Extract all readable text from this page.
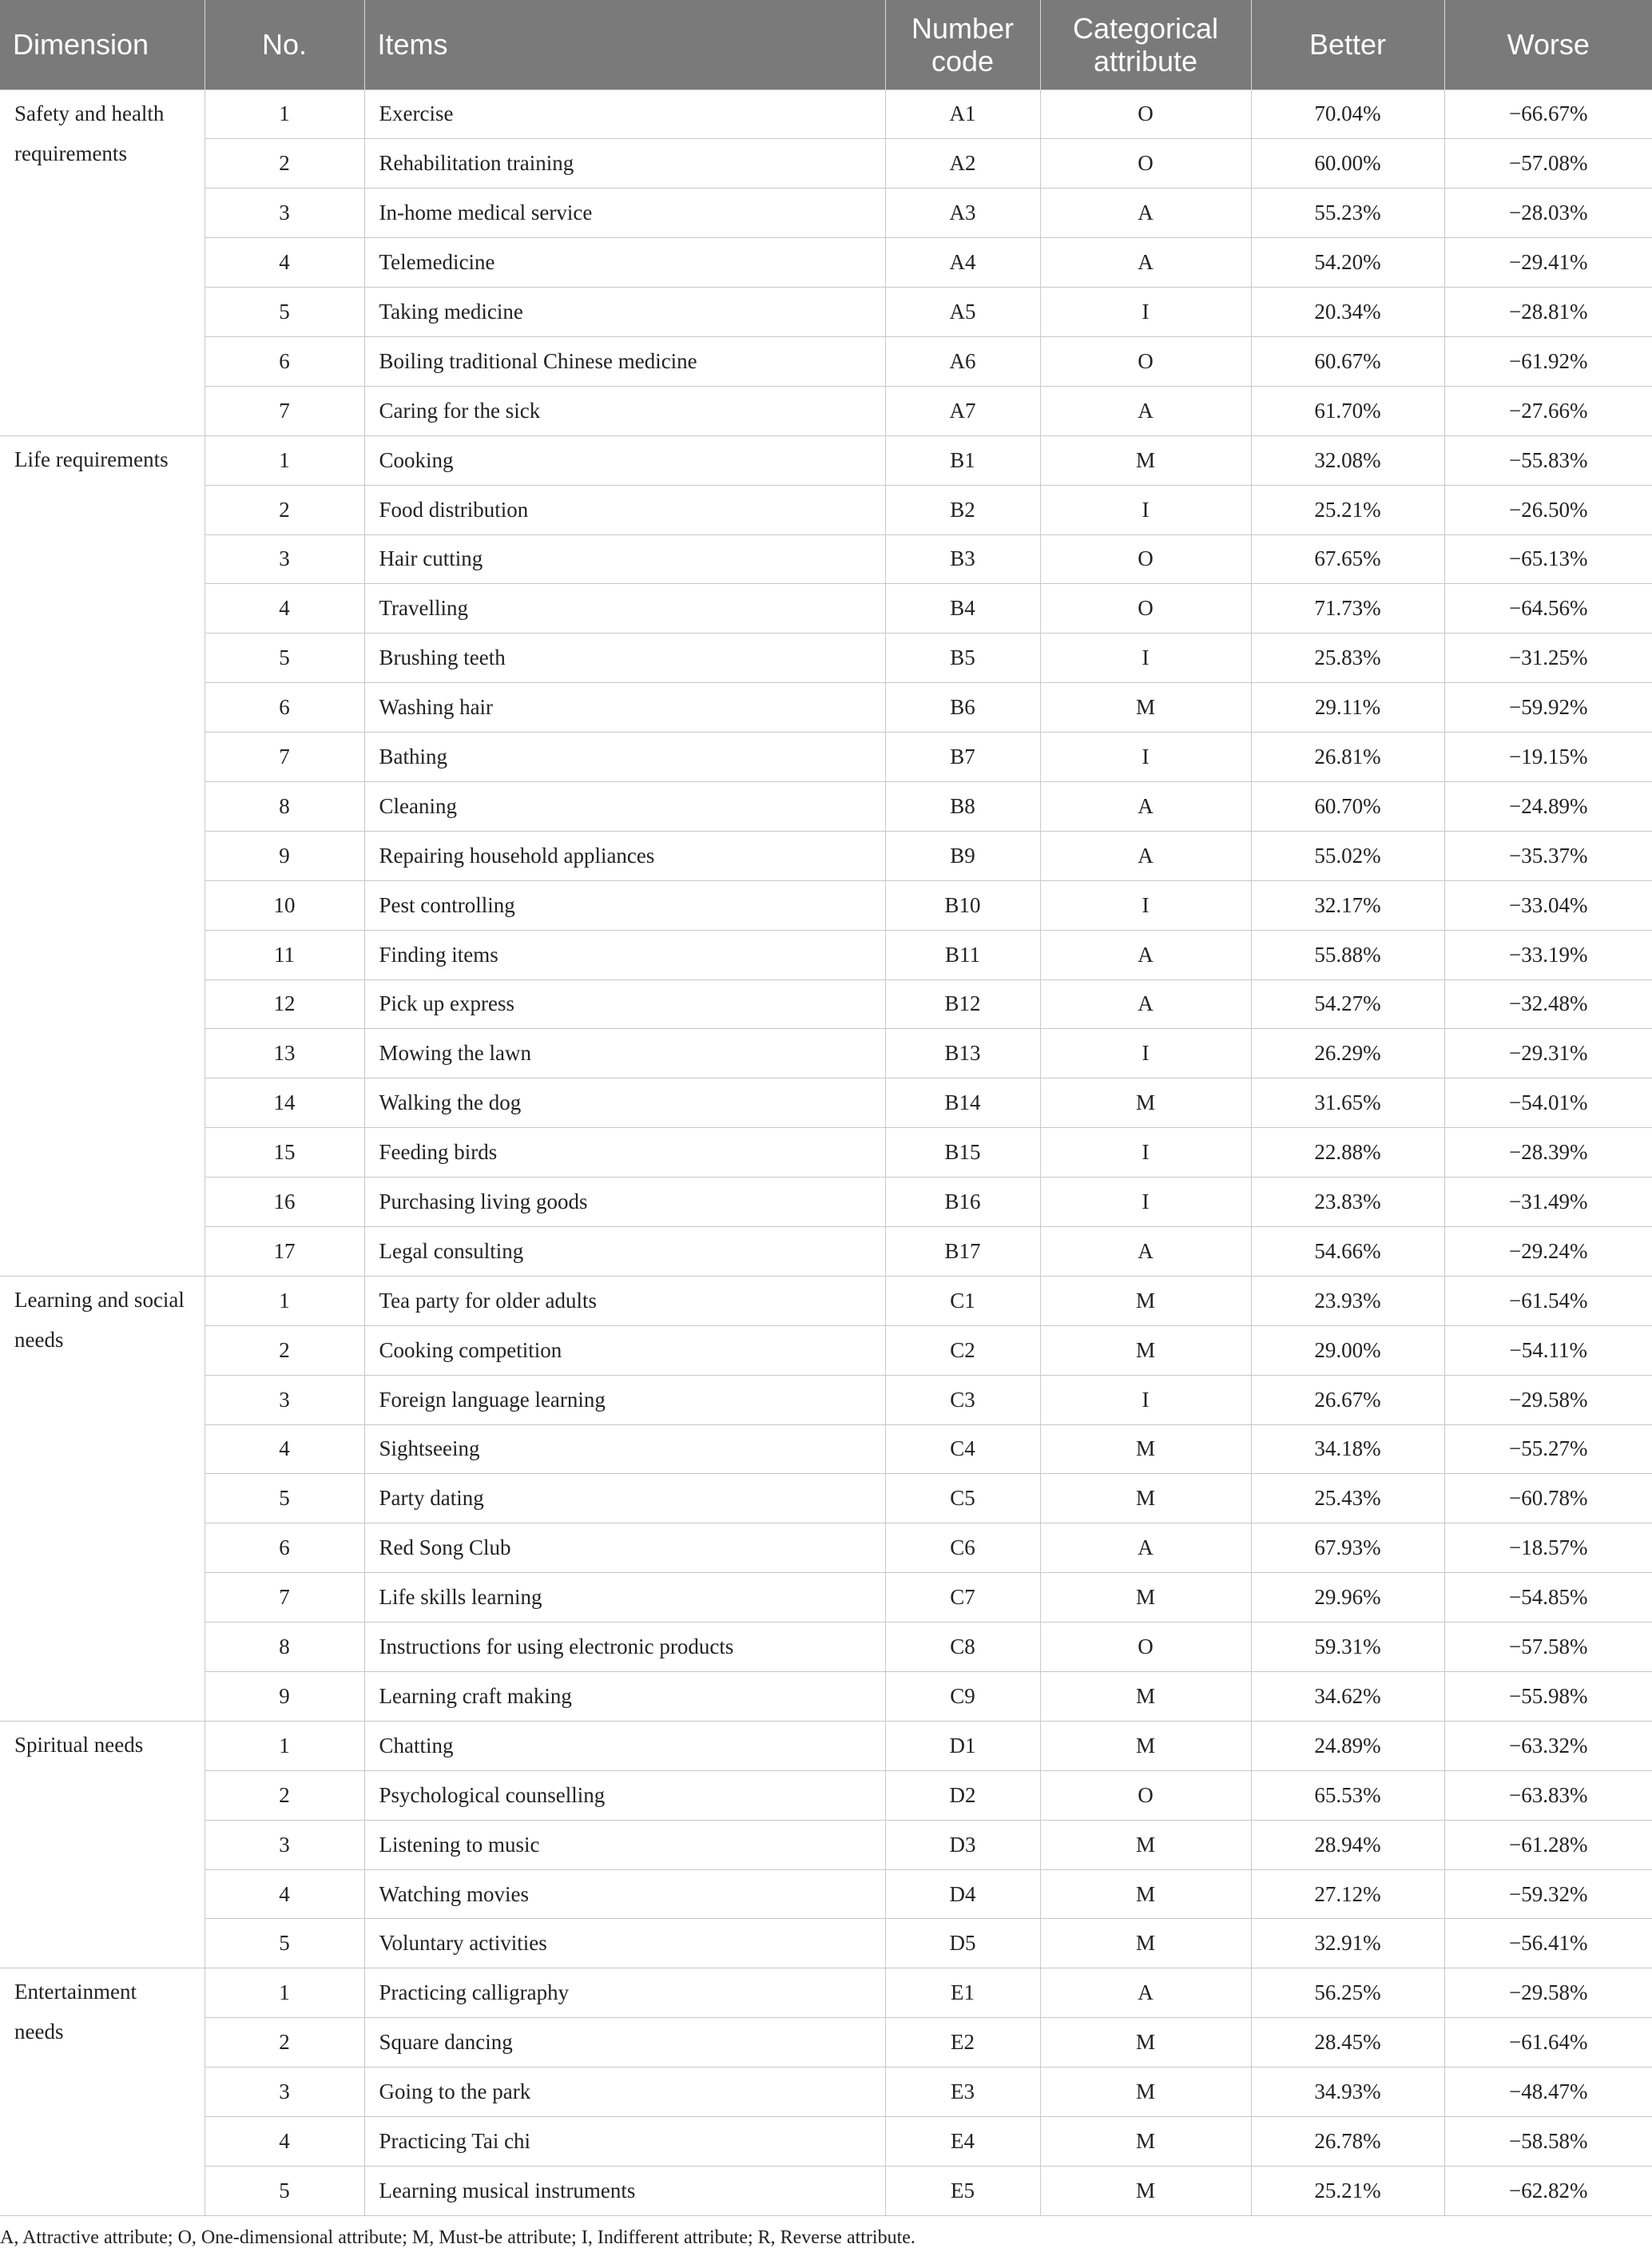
Dimension	No.	Items	Number code	Categorical attribute	Better	Worse
Safety and health requirements	1	Exercise	A1	O	70.04%	−66.67%
	2	Rehabilitation training	A2	O	60.00%	−57.08%
	3	In-home medical service	A3	A	55.23%	−28.03%
	4	Telemedicine	A4	A	54.20%	−29.41%
	5	Taking medicine	A5	I	20.34%	−28.81%
	6	Boiling traditional Chinese medicine	A6	O	60.67%	−61.92%
	7	Caring for the sick	A7	A	61.70%	−27.66%
Life requirements	1	Cooking	B1	M	32.08%	−55.83%
	2	Food distribution	B2	I	25.21%	−26.50%
	3	Hair cutting	B3	O	67.65%	−65.13%
	4	Travelling	B4	O	71.73%	−64.56%
	5	Brushing teeth	B5	I	25.83%	−31.25%
	6	Washing hair	B6	M	29.11%	−59.92%
	7	Bathing	B7	I	26.81%	−19.15%
	8	Cleaning	B8	A	60.70%	−24.89%
	9	Repairing household appliances	B9	A	55.02%	−35.37%
	10	Pest controlling	B10	I	32.17%	−33.04%
	11	Finding items	B11	A	55.88%	−33.19%
	12	Pick up express	B12	A	54.27%	−32.48%
	13	Mowing the lawn	B13	I	26.29%	−29.31%
	14	Walking the dog	B14	M	31.65%	−54.01%
	15	Feeding birds	B15	I	22.88%	−28.39%
	16	Purchasing living goods	B16	I	23.83%	−31.49%
	17	Legal consulting	B17	A	54.66%	−29.24%
Learning and social needs	1	Tea party for older adults	C1	M	23.93%	−61.54%
	2	Cooking competition	C2	M	29.00%	−54.11%
	3	Foreign language learning	C3	I	26.67%	−29.58%
	4	Sightseeing	C4	M	34.18%	−55.27%
	5	Party dating	C5	M	25.43%	−60.78%
	6	Red Song Club	C6	A	67.93%	−18.57%
	7	Life skills learning	C7	M	29.96%	−54.85%
	8	Instructions for using electronic products	C8	O	59.31%	−57.58%
	9	Learning craft making	C9	M	34.62%	−55.98%
Spiritual needs	1	Chatting	D1	M	24.89%	−63.32%
	2	Psychological counselling	D2	O	65.53%	−63.83%
	3	Listening to music	D3	M	28.94%	−61.28%
	4	Watching movies	D4	M	27.12%	−59.32%
	5	Voluntary activities	D5	M	32.91%	−56.41%
Entertainment needs	1	Practicing calligraphy	E1	A	56.25%	−29.58%
	2	Square dancing	E2	M	28.45%	−61.64%
	3	Going to the park	E3	M	34.93%	−48.47%
	4	Practicing Tai chi	E4	M	26.78%	−58.58%
	5	Learning musical instruments	E5	M	25.21%	−62.82%
A, Attractive attribute; O, One-dimensional attribute; M, Must-be attribute; I, Indifferent attribute; R, Reverse attribute.
